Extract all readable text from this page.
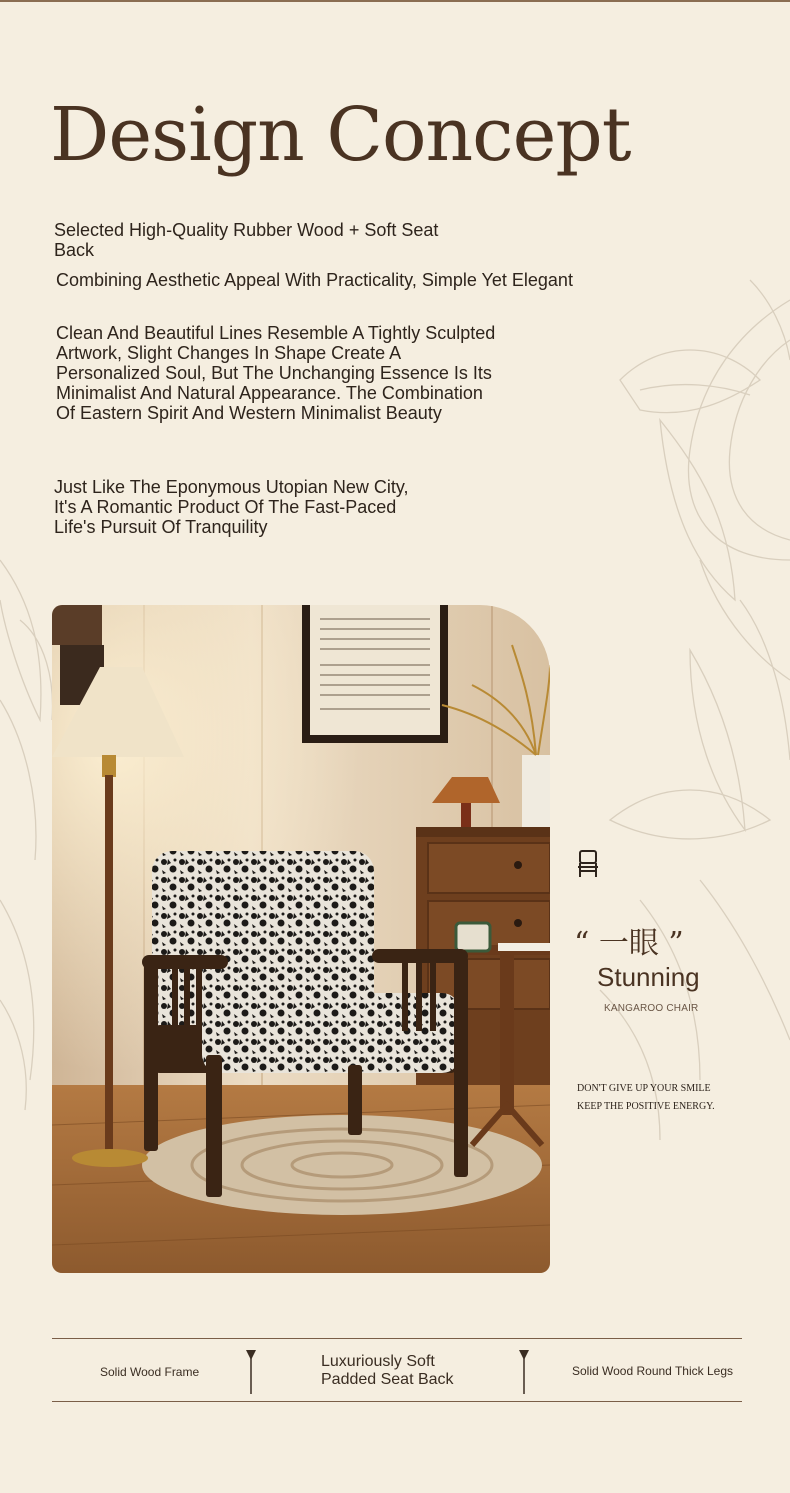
Design Concept

Selected High-Quality Rubber Wood + Soft Seat Back

Combining Aesthetic Appeal With Practicality, Simple Yet Elegant

Clean And Beautiful Lines Resemble A Tightly Sculpted Artwork, Slight Changes In Shape Create A Personalized Soul, But The Unchanging Essence Is Its Minimalist And Natural Appearance. The Combination Of Eastern Spirit And Western Minimalist Beauty

Just Like The Eponymous Utopian New City, It's A Romantic Product Of The Fast-Paced Life's Pursuit Of Tranquility

“ 一眼 ”

Stunning

KANGAROO CHAIR

DON'T GIVE UP YOUR SMILE
KEEP THE POSITIVE ENERGY.

Solid Wood Frame

Luxuriously Soft Padded Seat Back	Solid Wood Round Thick Legs
